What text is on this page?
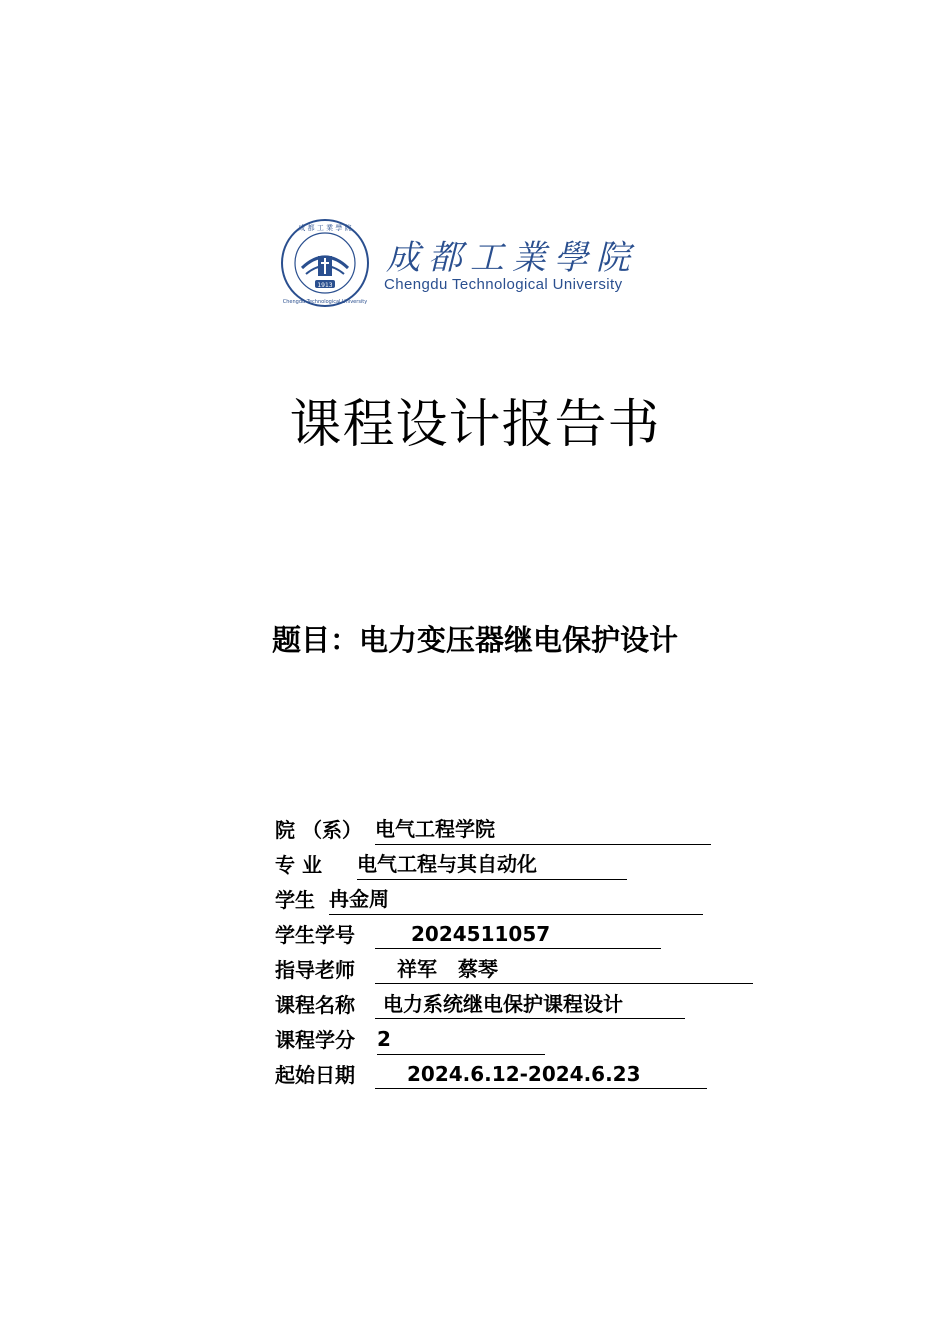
1913
成 都 工 業 學 院
Chengdu Technological University
成都工業學院
Chengdu Technological University
课程设计报告书
题目：电力变压器继电保护设计
院 （系） 电气工程学院
专 业 电气工程与其自动化
学生 冉金周
学生学号	2024511057
指导老师	祥军   蔡琴
课程名称	电力系统继电保护课程设计
课程学分 2
起始日期	2024.6.12-2024.6.23
